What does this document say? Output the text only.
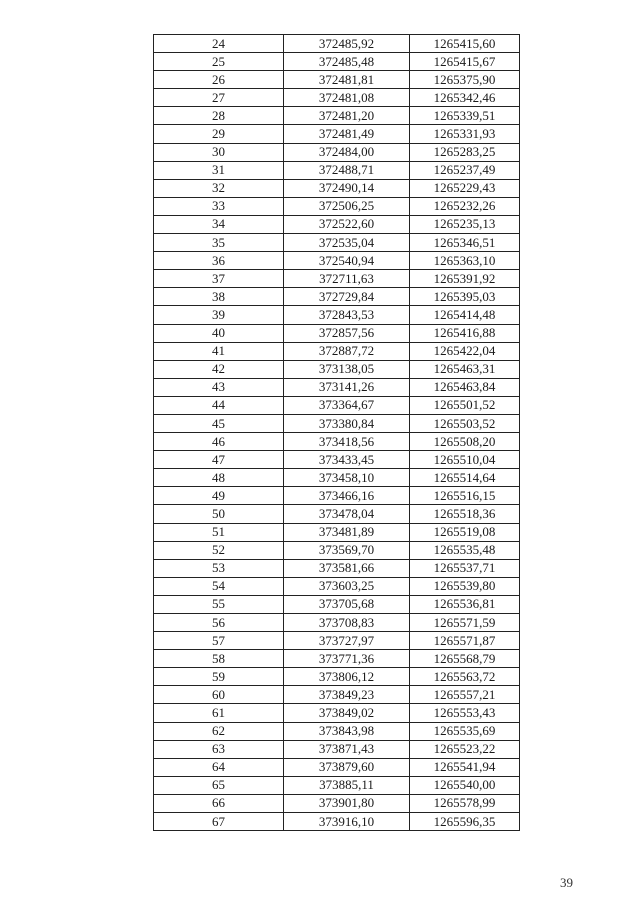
24	372485,92	1265415,60
25	372485,48	1265415,67
26	372481,81	1265375,90
27	372481,08	1265342,46
28	372481,20	1265339,51
29	372481,49	1265331,93
30	372484,00	1265283,25
31	372488,71	1265237,49
32	372490,14	1265229,43
33	372506,25	1265232,26
34	372522,60	1265235,13
35	372535,04	1265346,51
36	372540,94	1265363,10
37	372711,63	1265391,92
38	372729,84	1265395,03
39	372843,53	1265414,48
40	372857,56	1265416,88
41	372887,72	1265422,04
42	373138,05	1265463,31
43	373141,26	1265463,84
44	373364,67	1265501,52
45	373380,84	1265503,52
46	373418,56	1265508,20
47	373433,45	1265510,04
48	373458,10	1265514,64
49	373466,16	1265516,15
50	373478,04	1265518,36
51	373481,89	1265519,08
52	373569,70	1265535,48
53	373581,66	1265537,71
54	373603,25	1265539,80
55	373705,68	1265536,81
56	373708,83	1265571,59
57	373727,97	1265571,87
58	373771,36	1265568,79
59	373806,12	1265563,72
60	373849,23	1265557,21
61	373849,02	1265553,43
62	373843,98	1265535,69
63	373871,43	1265523,22
64	373879,60	1265541,94
65	373885,11	1265540,00
66	373901,80	1265578,99
67	373916,10	1265596,35
39
